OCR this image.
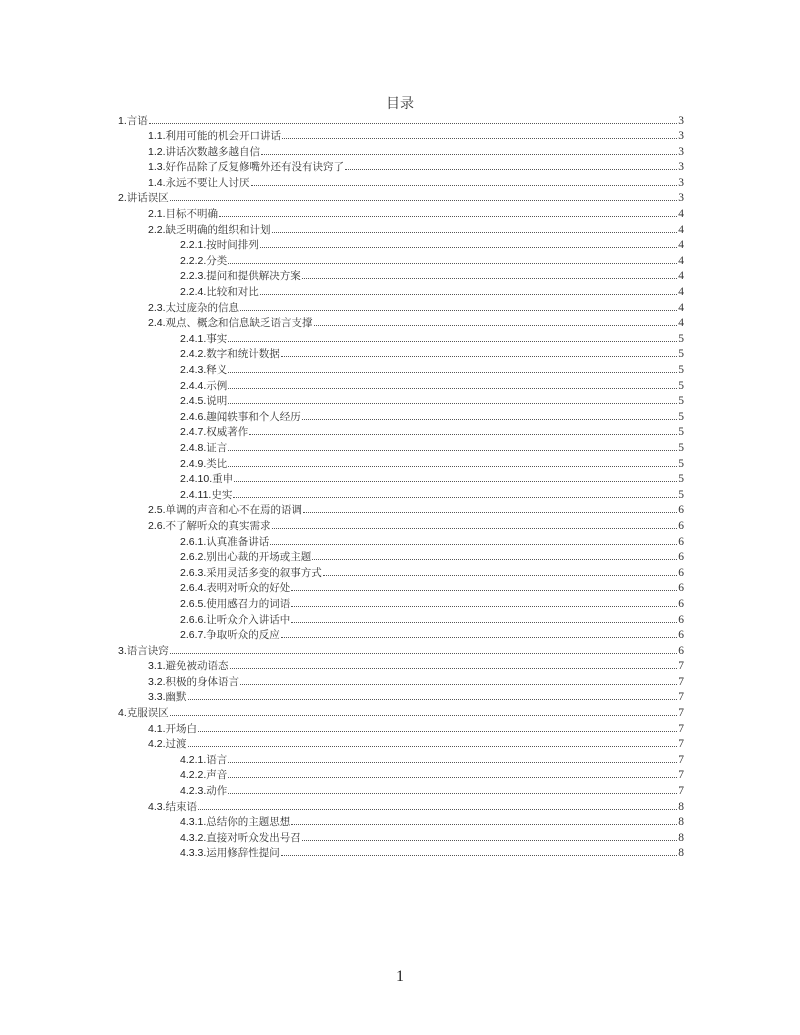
目录
1. 言语	3
1.1. 利用可能的机会开口讲话	3
1.2. 讲话次数越多越自信	3
1.3. 好作品除了反复修嘴外还有没有诀窍了	3
1.4. 永远不要让人讨厌	3
2. 讲话误区	3
2.1. 目标不明确	4
2.2. 缺乏明确的组织和计划	4
2.2.1. 按时间排列	4
2.2.2. 分类	4
2.2.3. 提问和提供解决方案	4
2.2.4. 比较和对比	4
2.3. 太过庞杂的信息	4
2.4. 观点、概念和信息缺乏语言支撑	4
2.4.1. 事实	5
2.4.2. 数字和统计数据	5
2.4.3. 释义	5
2.4.4. 示例	5
2.4.5. 说明	5
2.4.6. 趣闻轶事和个人经历	5
2.4.7. 权威著作	5
2.4.8. 证言	5
2.4.9. 类比	5
2.4.10. 重申	5
2.4.11. 史实	5
2.5. 单调的声音和心不在焉的语调	6
2.6. 不了解听众的真实需求	6
2.6.1. 认真准备讲话	6
2.6.2. 别出心裁的开场或主题	6
2.6.3. 采用灵活多变的叙事方式	6
2.6.4. 表明对听众的好处	6
2.6.5. 使用感召力的词语	6
2.6.6. 让听众介入讲话中	6
2.6.7. 争取听众的反应	6
3. 语言诀窍	6
3.1. 避免被动语态	7
3.2. 积极的身体语言	7
3.3. 幽默	7
4. 克服误区	7
4.1. 开场白	7
4.2. 过渡	7
4.2.1. 语言	7
4.2.2. 声音	7
4.2.3. 动作	7
4.3. 结束语	8
4.3.1. 总结你的主题思想	8
4.3.2. 直接对听众发出号召	8
4.3.3. 运用修辞性提问	8
1
